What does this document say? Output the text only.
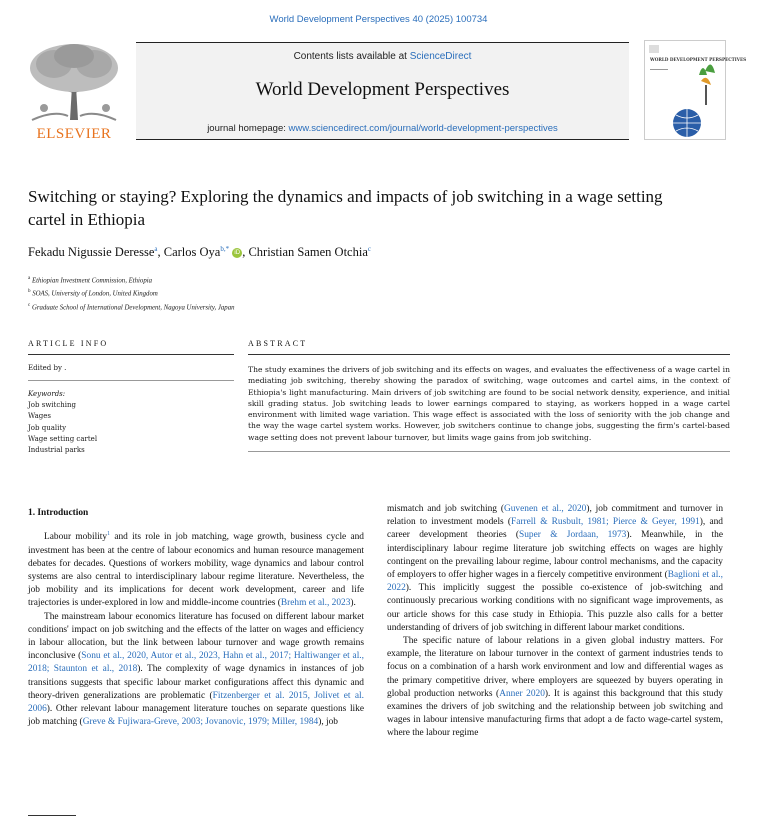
World Development Perspectives 40 (2025) 100734
ELSEVIER
Contents lists available at ScienceDirect
World Development Perspectives
journal homepage: www.sciencedirect.com/journal/world-development-perspectives
WORLD DEVELOPMENT PERSPECTIVES
Switching or staying? Exploring the dynamics and impacts of job switching in a wage setting cartel in Ethiopia
Fekadu Nigussie Deresse$^a$, Carlos Oya$^{b,*}$ iD , Christian Samen Otchia$^c$
$^a$ Ethiopian Investment Commission, Ethiopia
$^b$ SOAS, University of London, United Kingdom
$^c$ Graduate School of International Development, Nagoya University, Japan
ARTICLE INFO	ABSTRACT
Edited by .
Keywords:
Job switching
Wages
Job quality
Wage setting cartel
Industrial parks
The study examines the drivers of job switching and its effects on wages, and evaluates the effectiveness of a wage cartel in mediating job switching, thereby showing the paradox of switching, wage outcomes and cartel aims, in the context of Ethiopia's light manufacturing. Main drivers of job switching are found to be social network density, experience, and initial skill grading status. Job switching leads to lower earnings compared to staying, as workers hopped in a wage cartel environment with limited wage variation. This wage effect is associated with the loss of seniority with the job change and the way the wage cartel system works. However, job switchers continue to change jobs, suggesting the firm's cartel-based wage setting does not prevent labour turnover, but limits wage gains from job switching.
1. Introduction

Labour mobility$^1$ and its role in job matching, wage growth, business cycle and investment has been at the centre of labour economics and human resource management debates for decades. Questions of workers mobility, wage dynamics and labour control systems are also central to interdisciplinary labour regime literature. Nevertheless, the job mobility and its implications for decent work development, career and life trajectories is under-explored in low and middle-income countries (Brehm et al., 2023).

The mainstream labour economics literature has focused on different labour market conditions' impact on job switching and the effects of the latter on wages and efficiency in labour allocation, but the link between labour turnover and wage growth remains inconclusive (Sonu et al., 2020, Autor et al., 2023, Hahn et al., 2017; Haltiwanger et al., 2018; Staunton et al., 2018). The complexity of wage dynamics in instances of job transitions suggests that specific labour market configurations affect this dynamic and theory-driven generalizations are problematic (Fitzenberger et al. 2015, Jolivet et al. 2006). Other relevant labour management literature touches on separate questions like job matching (Greve & Fujiwara-Greve, 2003; Jovanovic, 1979; Miller, 1984), job

mismatch and job switching (Guvenen et al., 2020), job commitment and turnover in relation to investment models (Farrell & Rusbult, 1981; Pierce & Geyer, 1991), and career development theories (Super & Jordaan, 1973). Meanwhile, in the interdisciplinary labour regime literature job switching effects on wages are highly contingent on the prevailing labour regime, labour control mechanisms, and the capacity of employers to offer higher wages in a fiercely competitive environment (Baglioni et al., 2022). This implicitly suggest the possible co-existence of job-switching and continuously precarious working conditions with no significant wage improvements, as our article shows for this case study in Ethiopia. This puzzle also calls for a better understanding of drivers of job switching in different labour market conditions.

The specific nature of labour relations in a given global industry matters. For example, the literature on labour turnover in the context of garment industries tends to focus on a combination of a harsh work environment and low and differential wages as the primary competitive driver, where employers are squeezed by buyers operating in global production networks (Anner 2020). It is against this background that this study examines the drivers of job switching and the relationship between job switching and wages in labour intensive manufacturing firms that adopt a de facto wage-cartel system, where the labour regime
